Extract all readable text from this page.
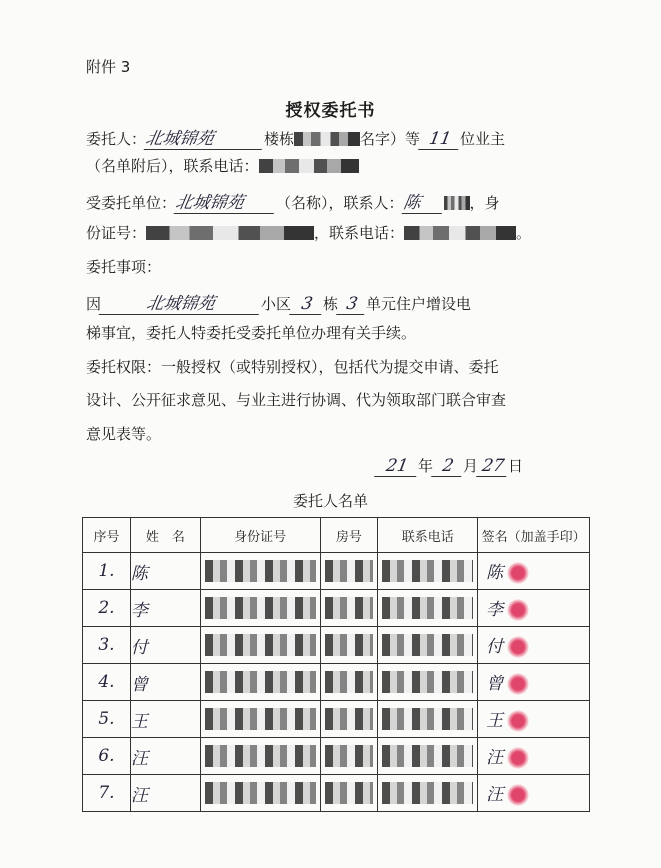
附件 3
授权委托书
委托人：北城锦苑	楼栋	名字）等 11 位业主
（名单附后），联系电话：
受委托单位：北城锦苑 （名称），联系人：陈	，身
份证号：	，联系电话：	。
委托事项：
因	北城锦苑	小区 3 栋 3 单元住户增设电
梯事宜，委托人特委托受委托单位办理有关手续。
委托权限：一般授权（或特别授权），包括代为提交申请、委托
设计、公开征求意见、与业主进行协调、代为领取部门联合审查
意见表等。
21 年 2 月 27 日
委托人名单
序号	姓　名	身份证号	房号	联系电话	签名（加盖手印）
1.	陈				陈
2.	李				李
3.	付				付
4.	曾				曾
5.	王				王
6.	汪				汪
7.	汪				汪
